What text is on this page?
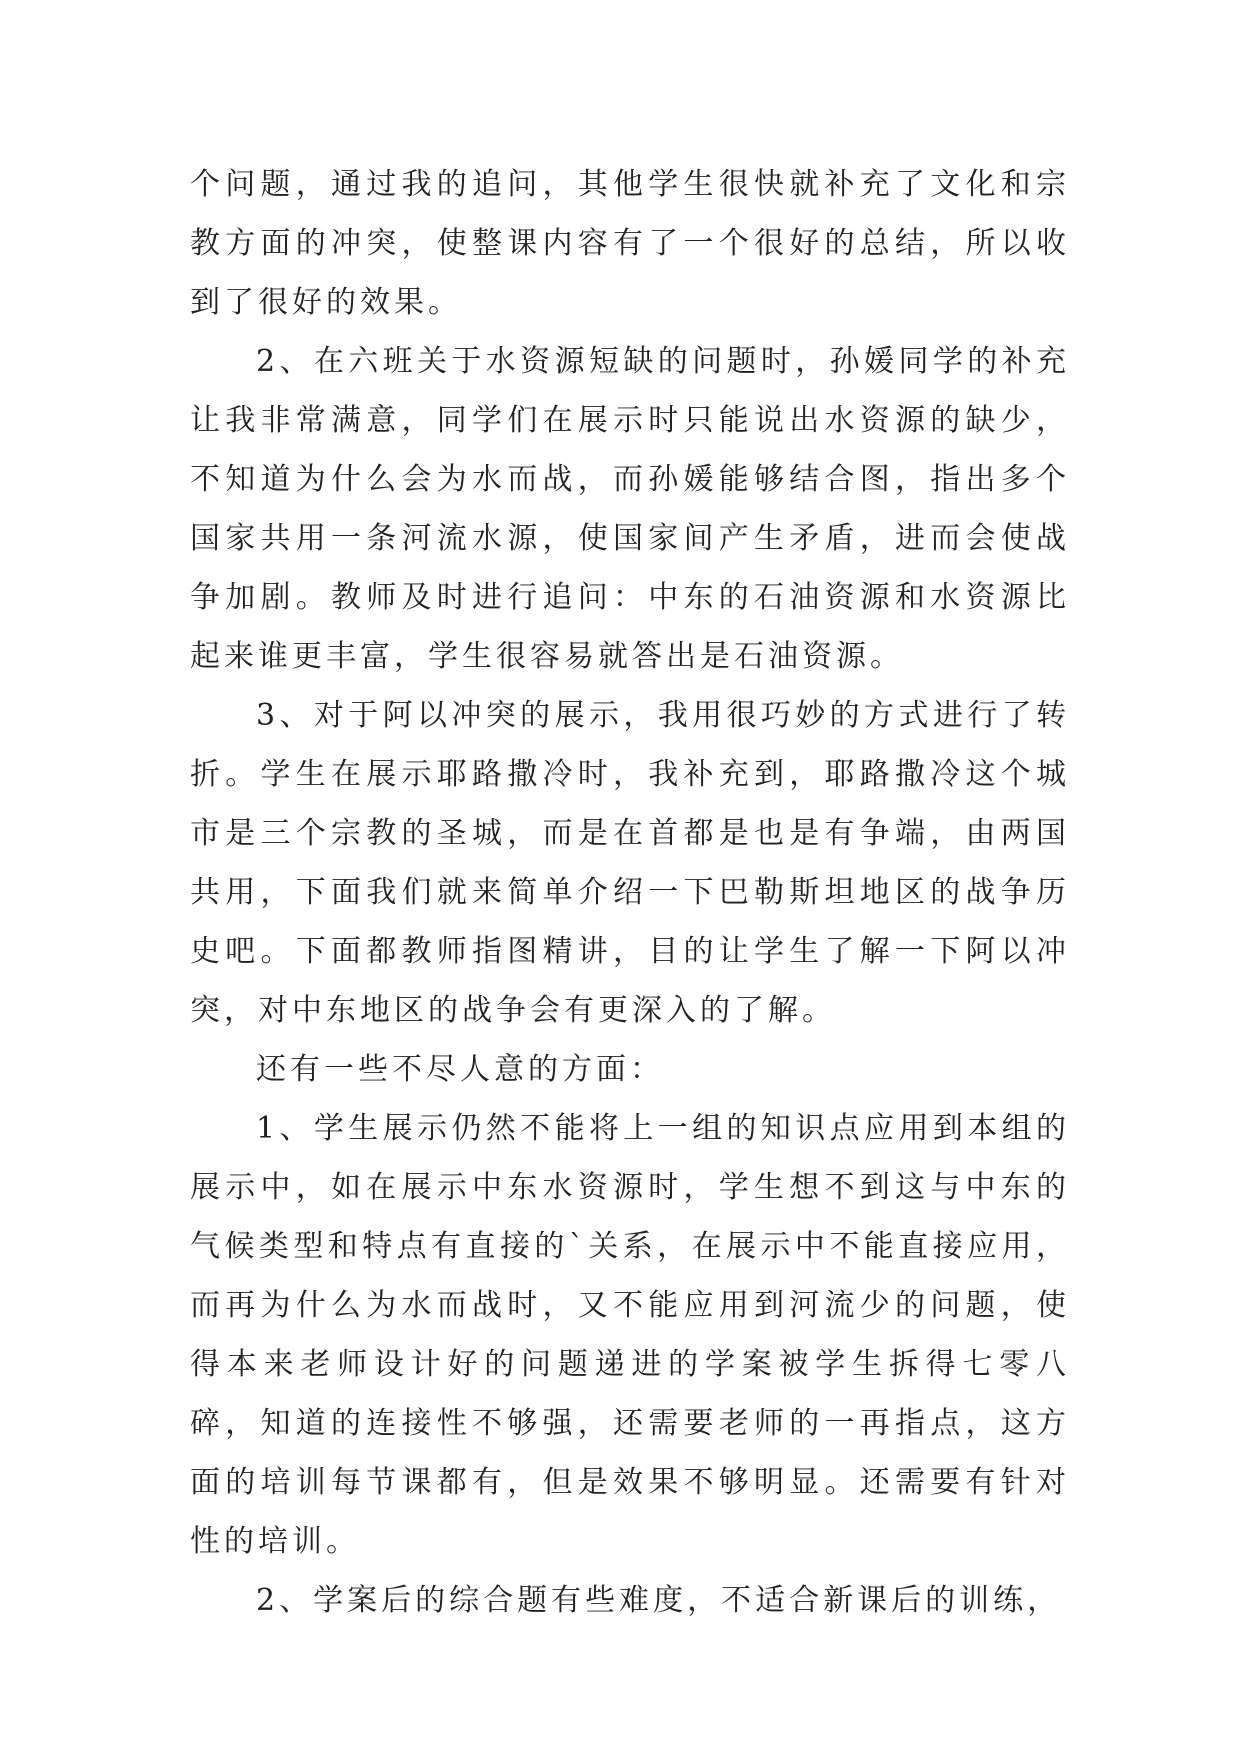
个问题，通过我的追问，其他学生很快就补充了文化和宗教方面的冲突，使整课内容有了一个很好的总结，所以收到了很好的效果。

2、在六班关于水资源短缺的问题时，孙媛同学的补充让我非常满意，同学们在展示时只能说出水资源的缺少，不知道为什么会为水而战，而孙媛能够结合图，指出多个国家共用一条河流水源，使国家间产生矛盾，进而会使战争加剧。教师及时进行追问：中东的石油资源和水资源比起来谁更丰富，学生很容易就答出是石油资源。

3、对于阿以冲突的展示，我用很巧妙的方式进行了转折。学生在展示耶路撒冷时，我补充到，耶路撒冷这个城市是三个宗教的圣城，而是在首都是也是有争端，由两国共用，下面我们就来简单介绍一下巴勒斯坦地区的战争历史吧。下面都教师指图精讲，目的让学生了解一下阿以冲突，对中东地区的战争会有更深入的了解。

还有一些不尽人意的方面：

1、学生展示仍然不能将上一组的知识点应用到本组的展示中，如在展示中东水资源时，学生想不到这与中东的气候类型和特点有直接的`关系，在展示中不能直接应用，而再为什么为水而战时，又不能应用到河流少的问题，使得本来老师设计好的问题递进的学案被学生拆得七零八碎，知道的连接性不够强，还需要老师的一再指点，这方面的培训每节课都有，但是效果不够明显。还需要有针对性的培训。

2、学案后的综合题有些难度，不适合新课后的训练，
